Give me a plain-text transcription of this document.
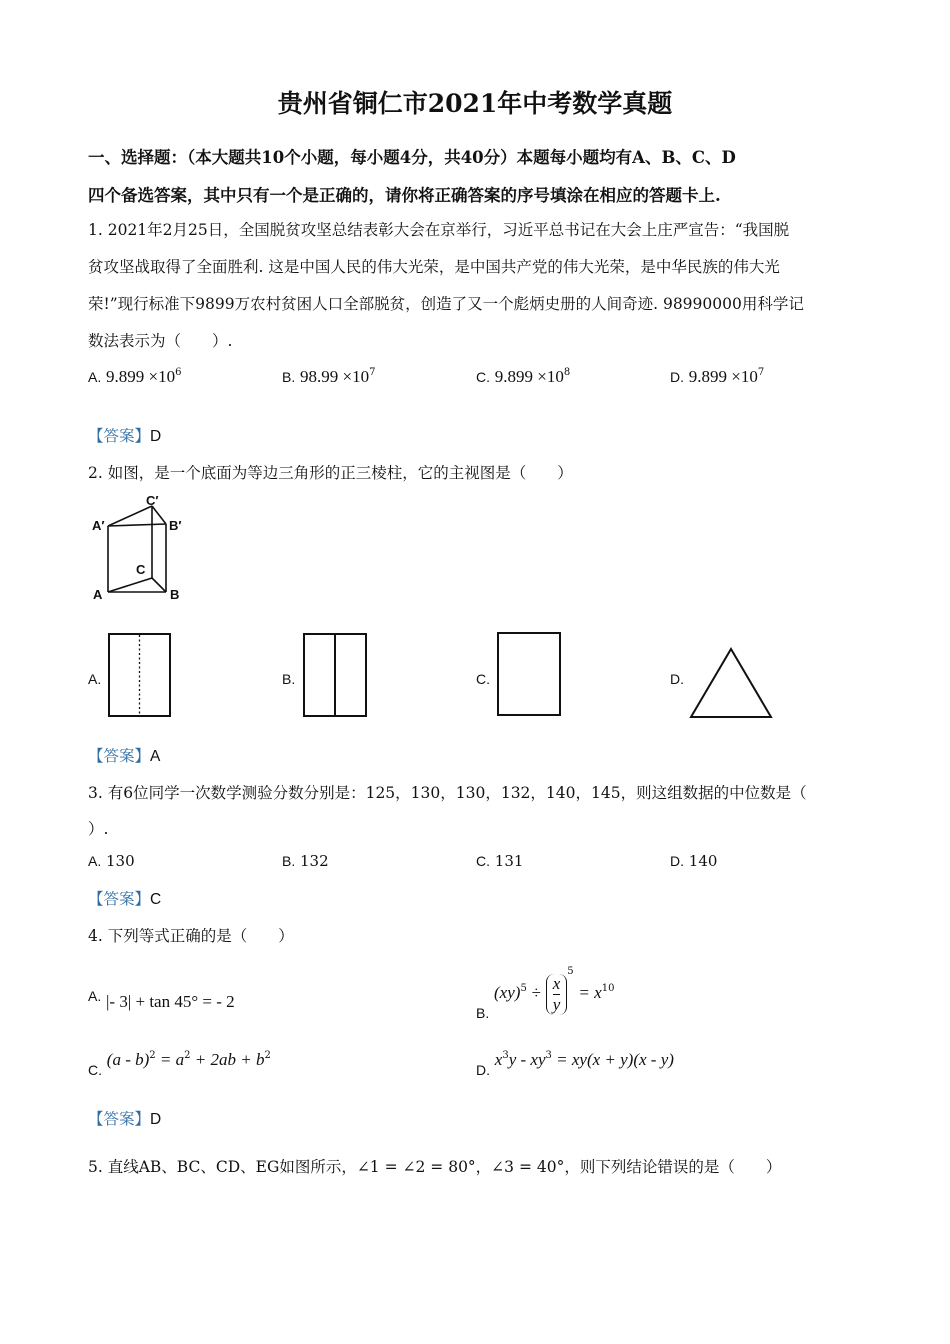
贵州省铜仁市2021年中考数学真题
一、选择题：（本大题共10个小题，每小题4分，共40分）本题每小题均有A、B、C、D
四个备选答案，其中只有一个是正确的，请你将正确答案的序号填涂在相应的答题卡上.
1. 2021年2月25日，全国脱贫攻坚总结表彰大会在京举行，习近平总书记在大会上庄严宣告：“我国脱
贫攻坚战取得了全面胜利. 这是中国人民的伟大光荣，是中国共产党的伟大光荣，是中华民族的伟大光
荣!”现行标准下9899万农村贫困人口全部脱贫，创造了又一个彪炳史册的人间奇迹. 98990000用科学记
数法表示为（　　）.
A. $9.899 \times 10^6$	B. $98.99 \times 10^7$	C. $9.899 \times 10^8$	D. $9.899 \times 10^7$
【答案】D
2. 如图，是一个底面为等边三角形的正三棱柱，它的主视图是（　　）
C′
A′	B′
C
A	B
A.	B.	C.	D.
【答案】A
3. 有6位同学一次数学测验分数分别是：125，130，130，132，140，145，则这组数据的中位数是（
）.
A. 130	B. 132	C. 131	D. 140
【答案】C
4. 下列等式正确的是（　　）
A. |- 3| + tan 45° = - 2
B. $(xy)^5 \div \frac{x}{y}$
$^5 = x^{10}$
C. $(a - b)^2 = a^2 + 2ab + b^2$
D. $x^3y - xy^3 = xy(x + y)(x - y)$
【答案】D
5. 直线AB、BC、CD、EG如图所示，∠1 = ∠2 = 80°，∠3 = 40°，则下列结论错误的是（　　）
